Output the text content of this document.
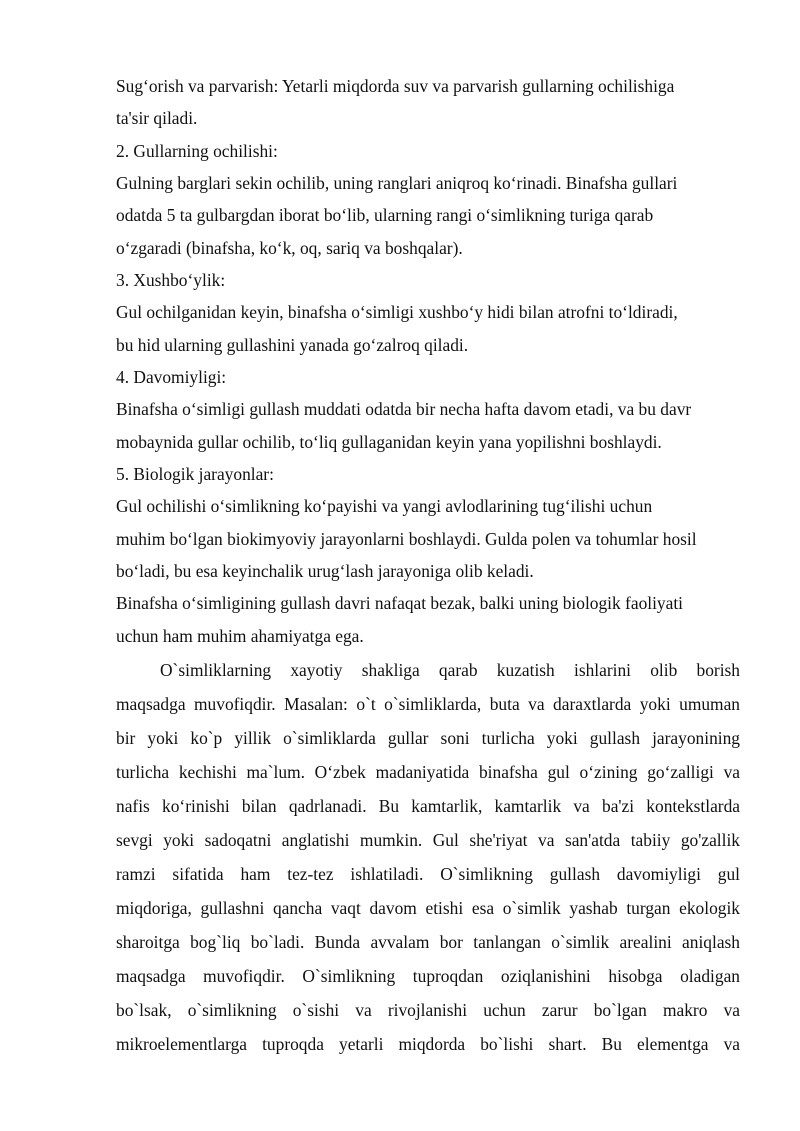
Sug‘orish va parvarish: Yetarli miqdorda suv va parvarish gullarning ochilishiga
ta'sir qiladi.
2. Gullarning ochilishi:
Gulning barglari sekin ochilib, uning ranglari aniqroq ko‘rinadi. Binafsha gullari
odatda 5 ta gulbargdan iborat bo‘lib, ularning rangi o‘simlikning turiga qarab
o‘zgaradi (binafsha, ko‘k, oq, sariq va boshqalar).
3. Xushbo‘ylik:
Gul ochilganidan keyin, binafsha o‘simligi xushbo‘y hidi bilan atrofni to‘ldiradi,
bu hid ularning gullashini yanada go‘zalroq qiladi.
4. Davomiyligi:
Binafsha o‘simligi gullash muddati odatda bir necha hafta davom etadi, va bu davr
mobaynida gullar ochilib, to‘liq gullaganidan keyin yana yopilishni boshlaydi.
5. Biologik jarayonlar:
Gul ochilishi o‘simlikning ko‘payishi va yangi avlodlarining tug‘ilishi uchun
muhim bo‘lgan biokimyoviy jarayonlarni boshlaydi. Gulda polen va tohumlar hosil
bo‘ladi, bu esa keyinchalik urug‘lash jarayoniga olib keladi.
Binafsha o‘simligining gullash davri nafaqat bezak, balki uning biologik faoliyati
uchun ham muhim ahamiyatga ega.
O`simliklarning xayotiy shakliga qarab kuzatish ishlarini olib borish
maqsadga muvofiqdir. Masalan: o`t o`simliklarda, buta va daraxtlarda yoki umuman
bir yoki ko`p yillik o`simliklarda gullar soni turlicha yoki gullash jarayonining
turlicha kechishi ma`lum. O‘zbek madaniyatida binafsha gul o‘zining go‘zalligi va
nafis ko‘rinishi bilan qadrlanadi. Bu kamtarlik, kamtarlik va ba'zi kontekstlarda
sevgi yoki sadoqatni anglatishi mumkin. Gul she'riyat va san'atda tabiiy go'zallik
ramzi sifatida ham tez-tez ishlatiladi. O`simlikning gullash davomiyligi gul
miqdoriga, gullashni qancha vaqt davom etishi esa o`simlik yashab turgan ekologik
sharoitga bog`liq bo`ladi. Bunda avvalam bor tanlangan o`simlik arealini aniqlash
maqsadga muvofiqdir. O`simlikning tuproqdan oziqlanishini hisobga oladigan
bo`lsak, o`simlikning o`sishi va rivojlanishi uchun zarur bo`lgan makro va
mikroelementlarga tuproqda yetarli miqdorda bo`lishi shart. Bu elementga va
